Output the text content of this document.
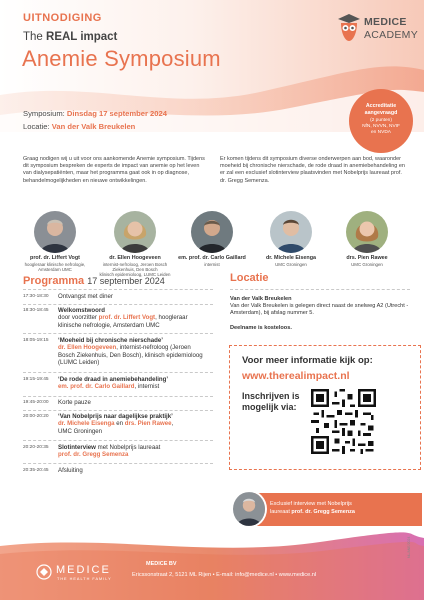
UITNODIGING
The REAL impact
Anemie Symposium
MEDICE
ACADEMY
Symposium: Dinsdag 17 september 2024
Locatie: Van der Valk Breukelen
Accreditatie
aangevraagd
(2 punten)
NfN, NVVN, NVIF
en NVDA

Graag nodigen wij u uit voor ons aankomende Anemie symposium. Tijdens dit symposium bespreken de experts de impact van anemie op het leven van dialysepatiënten, maar het programma gaat ook in op diagnose, behandelmogelijkheden en nieuwe ontwikkelingen.

Er komen tijdens dit symposium diverse onderwerpen aan bod, waaronder moeheid bij chronische nierschade, de rode draad in anemiebehandeling en er zal een exclusief slotinterview plaatsvinden met Nobelprijs laureaat prof. dr. Gregg Semenza.

prof. dr. Liffert Vogt
hoogleraar klinische nefrologie,
Amsterdam UMC
dr. Ellen Hoogeveen
internist-nefroloog, Jeroen Bosch
Ziekenhuis, Den Bosch
klinisch epidemioloog, LUMC Leiden
em. prof. dr. Carlo Gaillard
internist
dr. Michele Eisenga
UMC Groningen
drs. Pien Rawee
UMC Groningen
Programma 17 september 2024
17:30-18:30 Ontvangst met diner
18:30-18:45 Welkomstwoord
door voorzitter prof. dr. Liffert Vogt, hoogleraar
klinische nefrologie, Amsterdam UMC
18:05-19:15 ‘Moeheid bij chronische nierschade’
dr. Ellen Hoogeveen, internist-nefroloog (Jeroen
Bosch Ziekenhuis, Den Bosch), klinisch epidemioloog
(LUMC Leiden)
19:15-19:45 ‘De rode draad in anemiebehandeling’
em. prof. dr. Carlo Gaillard, internist
19:45-20:00 Korte pauze
20:00-20:20 ‘Van Nobelprijs naar dagelijkse praktijk’
dr. Michele Eisenga en drs. Pien Rawee,
UMC Groningen
20:20-20:35 Slotinterview met Nobelprijs laureaat
prof. dr. Gregg Semenza
20:35-20:45 Afsluiting
Locatie
Van der Valk Breukelen
Van der Valk Breukelen is gelegen direct naast de snelweg A2 (Utrecht - Amsterdam), bij afslag nummer 5.
Deelname is kosteloos.
Voor meer informatie kijk op:
www.therealimpact.nl
Inschrijven is
mogelijk via:
Exclusief interview met Nobelprijs
laureaat prof. dr. Gregg Semenza
MEDICE
THE HEALTH FAMILY
MEDICE BV
Ericssonstraat 2, 5121 ML Rijen • E-mail: info@medice.nl • www.medice.nl
NL/ANE/2024
